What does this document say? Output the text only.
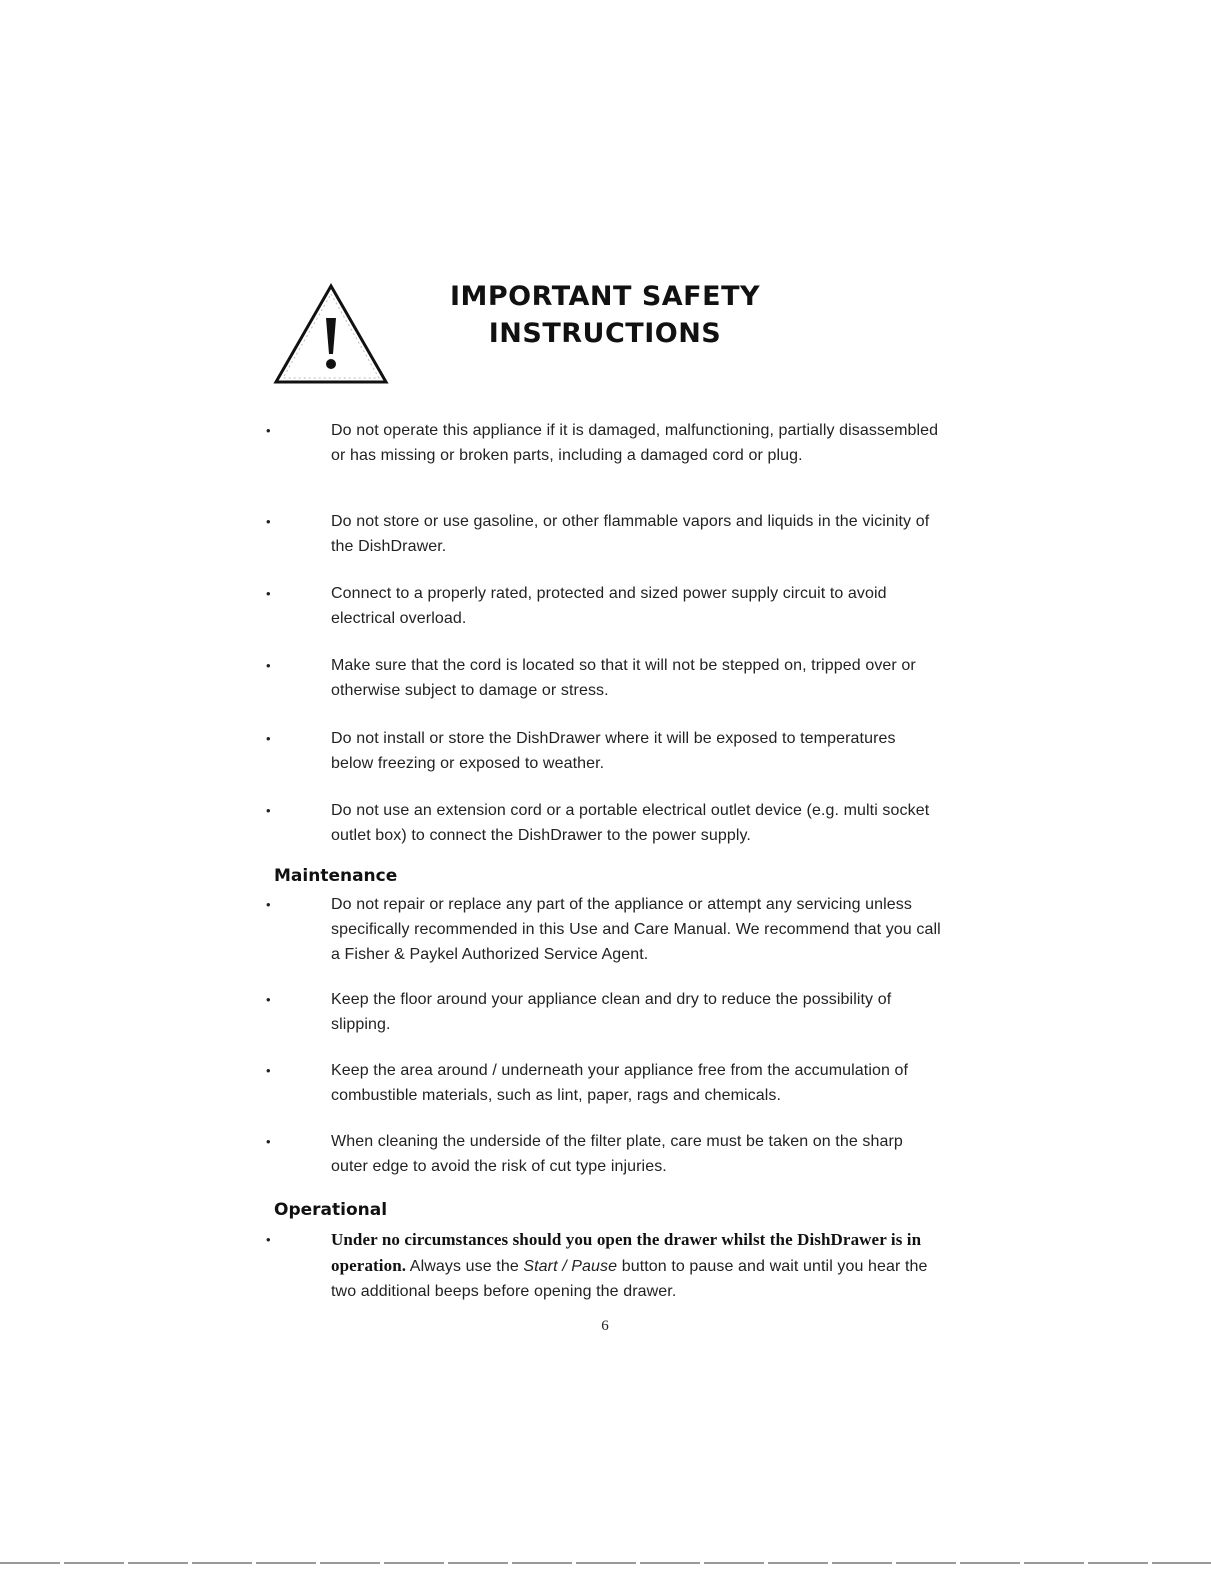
IMPORTANT SAFETY
INSTRUCTIONS
•	Do not operate this appliance if it is damaged, malfunctioning, partially disassembled or has missing or broken parts, including a damaged cord or plug.
•	Do not store or use gasoline, or other flammable vapors and liquids in the vicinity of the DishDrawer.
•	Connect to a properly rated, protected and sized power supply circuit to avoid electrical overload.
•	Make sure that the cord is located so that it will not be stepped on, tripped over or otherwise subject to damage or stress.
•	Do not install or store the DishDrawer where it will be exposed to temperatures below freezing or exposed to weather.
•	Do not use an extension cord or a portable electrical outlet device (e.g. multi socket outlet box) to connect the DishDrawer to the power supply.
Maintenance
•	Do not repair or replace any part of the appliance or attempt any servicing unless specifically recommended in this Use and Care Manual. We recommend that you call a Fisher & Paykel Authorized Service Agent.
•	Keep the floor around your appliance clean and dry to reduce the possibility of slipping.
•	Keep the area around / underneath your appliance free from the accumulation of combustible materials, such as lint, paper, rags and chemicals.
•	When cleaning the underside of the filter plate, care must be taken on the sharp outer edge to avoid the risk of cut type injuries.
Operational
•	Under no circumstances should you open the drawer whilst the DishDrawer is in operation. Always use the Start / Pause button to pause and wait until you hear the two additional beeps before opening the drawer.
6
